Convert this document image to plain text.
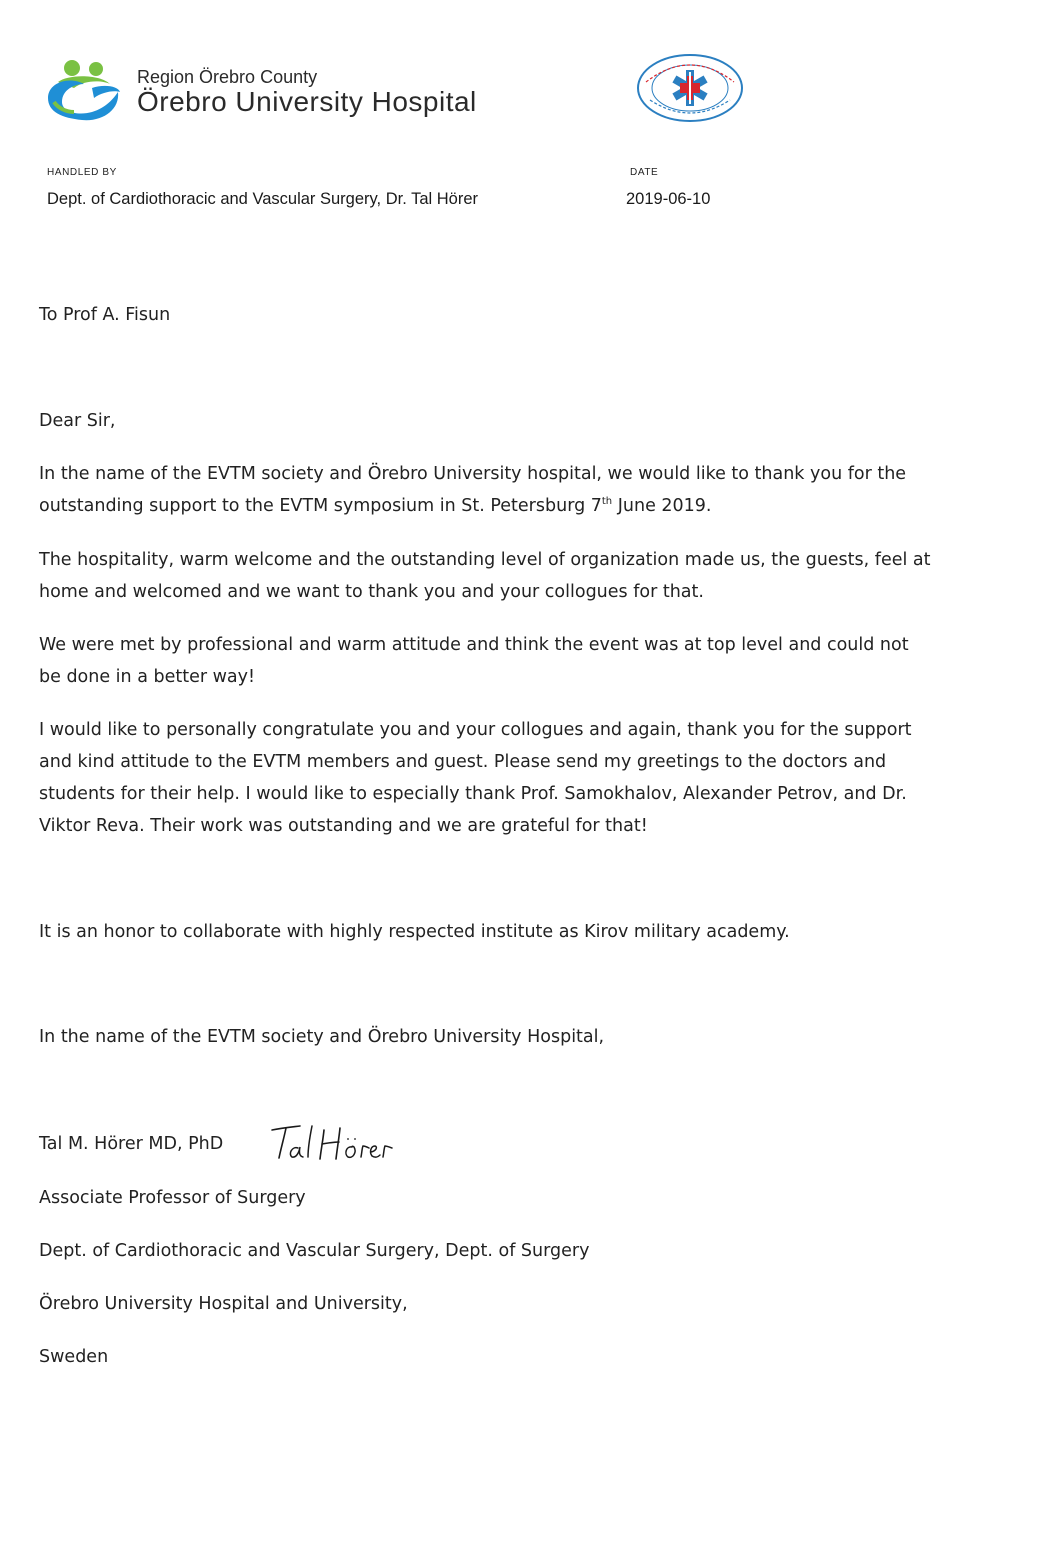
Region Örebro County
Örebro University Hospital
HANDLED BY
Dept. of Cardiothoracic and Vascular Surgery, Dr. Tal Hörer
DATE
2019-06-10
To Prof A. Fisun
Dear Sir,
In the name of the EVTM society and Örebro University hospital, we would like to thank you for the
outstanding support to the EVTM symposium in St. Petersburg 7th June 2019.
The hospitality, warm welcome and the outstanding level of organization made us, the guests, feel at
home and welcomed and we want to thank you and your collogues for that.
We were met by professional and warm attitude and think the event was at top level and could not
be done in a better way!
I would like to personally congratulate you and your collogues and again, thank you for the support
and kind attitude to the EVTM members and guest. Please send my greetings to the doctors and
students for their help. I would like to especially thank Prof. Samokhalov, Alexander Petrov, and Dr.
Viktor Reva. Their work was outstanding and we are grateful for that!
It is an honor to collaborate with highly respected institute as Kirov military academy.
In the name of the EVTM society and Örebro University Hospital,
Tal M. Hörer MD, PhD
Associate Professor of Surgery
Dept. of Cardiothoracic and Vascular Surgery, Dept. of Surgery
Örebro University Hospital and University,
Sweden
